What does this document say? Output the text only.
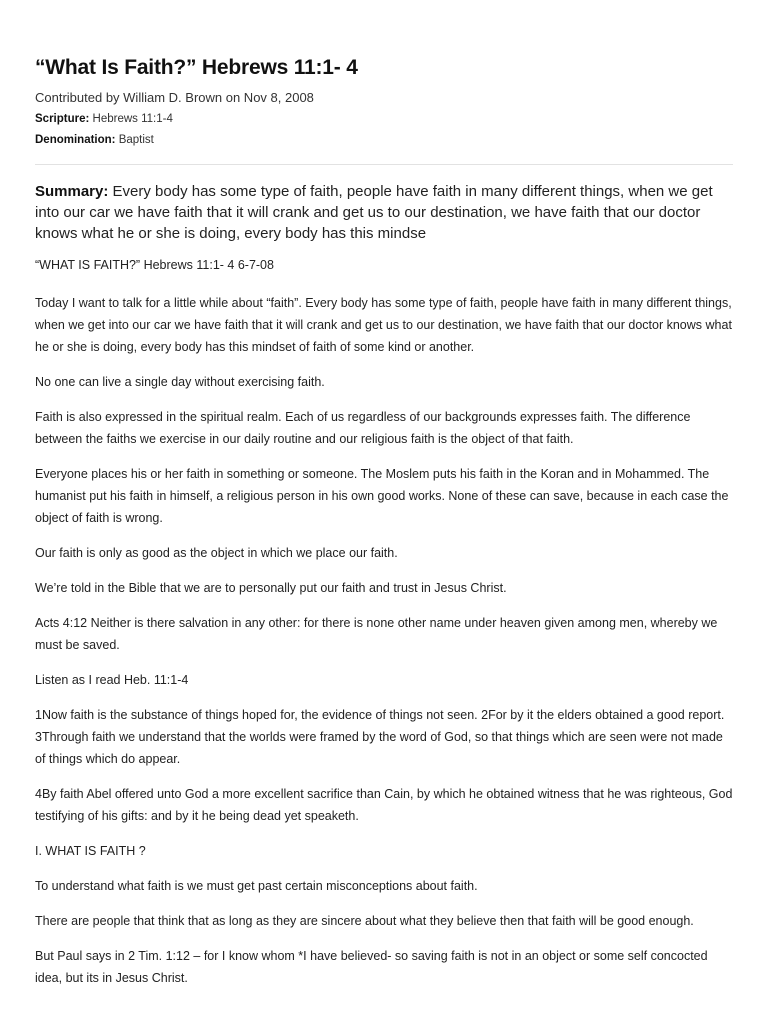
“What Is Faith?” Hebrews 11:1- 4
Contributed by William D. Brown on Nov 8, 2008
Scripture: Hebrews 11:1-4
Denomination: Baptist
Summary: Every body has some type of faith, people have faith in many different things, when we get into our car we have faith that it will crank and get us to our destination, we have faith that our doctor knows what he or she is doing, every body has this mindse

“WHAT IS FAITH?” Hebrews 11:1- 4 6-7-08

Today I want to talk for a little while about “faith”. Every body has some type of faith, people have faith in many different things, when we get into our car we have faith that it will crank and get us to our destination, we have faith that our doctor knows what he or she is doing, every body has this mindset of faith of some kind or another.

No one can live a single day without exercising faith.

Faith is also expressed in the spiritual realm. Each of us regardless of our backgrounds expresses faith. The difference between the faiths we exercise in our daily routine and our religious faith is the object of that faith.

Everyone places his or her faith in something or someone. The Moslem puts his faith in the Koran and in Mohammed. The humanist put his faith in himself, a religious person in his own good works. None of these can save, because in each case the object of faith is wrong.

Our faith is only as good as the object in which we place our faith.

We’re told in the Bible that we are to personally put our faith and trust in Jesus Christ.

Acts 4:12 Neither is there salvation in any other: for there is none other name under heaven given among men, whereby we must be saved.

Listen as I read Heb. 11:1-4

1Now faith is the substance of things hoped for, the evidence of things not seen. 2For by it the elders obtained a good report. 3Through faith we understand that the worlds were framed by the word of God, so that things which are seen were not made of things which do appear.

4By faith Abel offered unto God a more excellent sacrifice than Cain, by which he obtained witness that he was righteous, God testifying of his gifts: and by it he being dead yet speaketh.

I. WHAT IS FAITH ?

To understand what faith is we must get past certain misconceptions about faith.

There are people that think that as long as they are sincere about what they believe then that faith will be good enough.

But Paul says in 2 Tim. 1:12 – for I know whom *I have believed- so saving faith is not in an object or some self concocted idea, but its in Jesus Christ.
